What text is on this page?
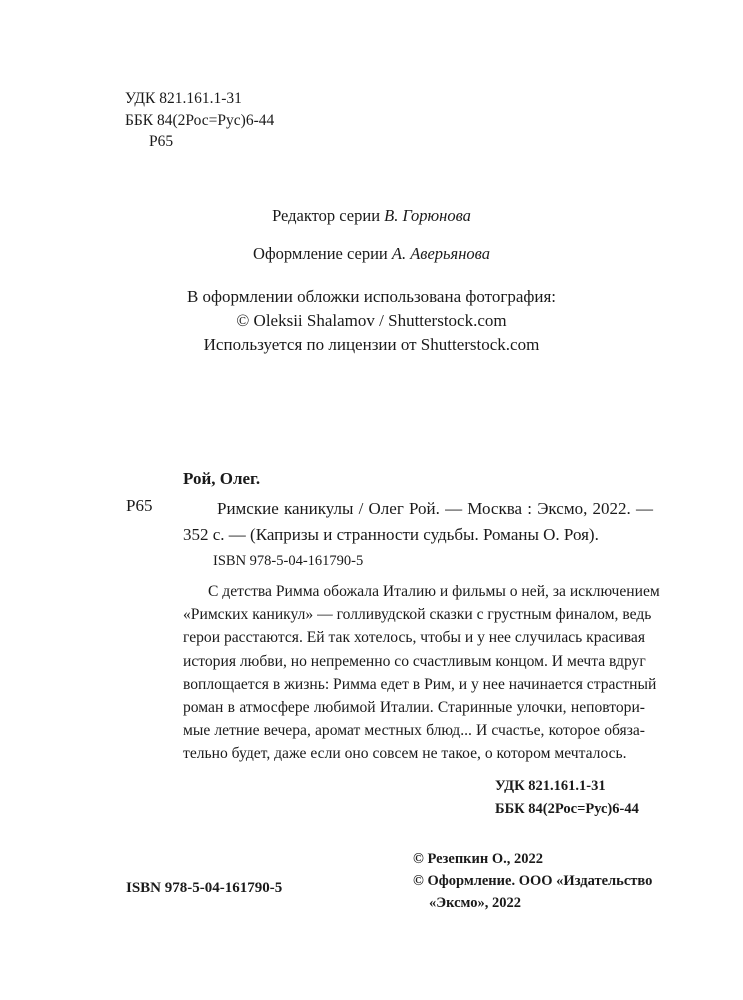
УДК 821.161.1-31
ББК 84(2Рос=Рус)6-44
Р65
Редактор серии В. Горюнова
Оформление серии А. Аверьянова
В оформлении обложки использована фотография:
© Oleksii Shalamov / Shutterstock.com
Используется по лицензии от Shutterstock.com
Рой, Олег.
Р65	Римские каникулы / Олег Рой. — Москва : Эксмо, 2022. —
352 с. — (Капризы и странности судьбы. Романы О. Роя).
ISBN 978-5-04-161790-5
С детства Римма обожала Италию и фильмы о ней, за исключением
«Римских каникул» — голливудской сказки с грустным финалом, ведь
герои расстаются. Ей так хотелось, чтобы и у нее случилась красивая
история любви, но непременно со счастливым концом. И мечта вдруг
воплощается в жизнь: Римма едет в Рим, и у нее начинается страстный
роман в атмосфере любимой Италии. Старинные улочки, неповтори-
мые летние вечера, аромат местных блюд... И счастье, которое обяза-
тельно будет, даже если оно совсем не такое, о котором мечталось.
УДК 821.161.1-31
ББК 84(2Рос=Рус)6-44
© Резепкин О., 2022
© Оформление. ООО «Издательство
«Эксмо», 2022
ISBN 978-5-04-161790-5
